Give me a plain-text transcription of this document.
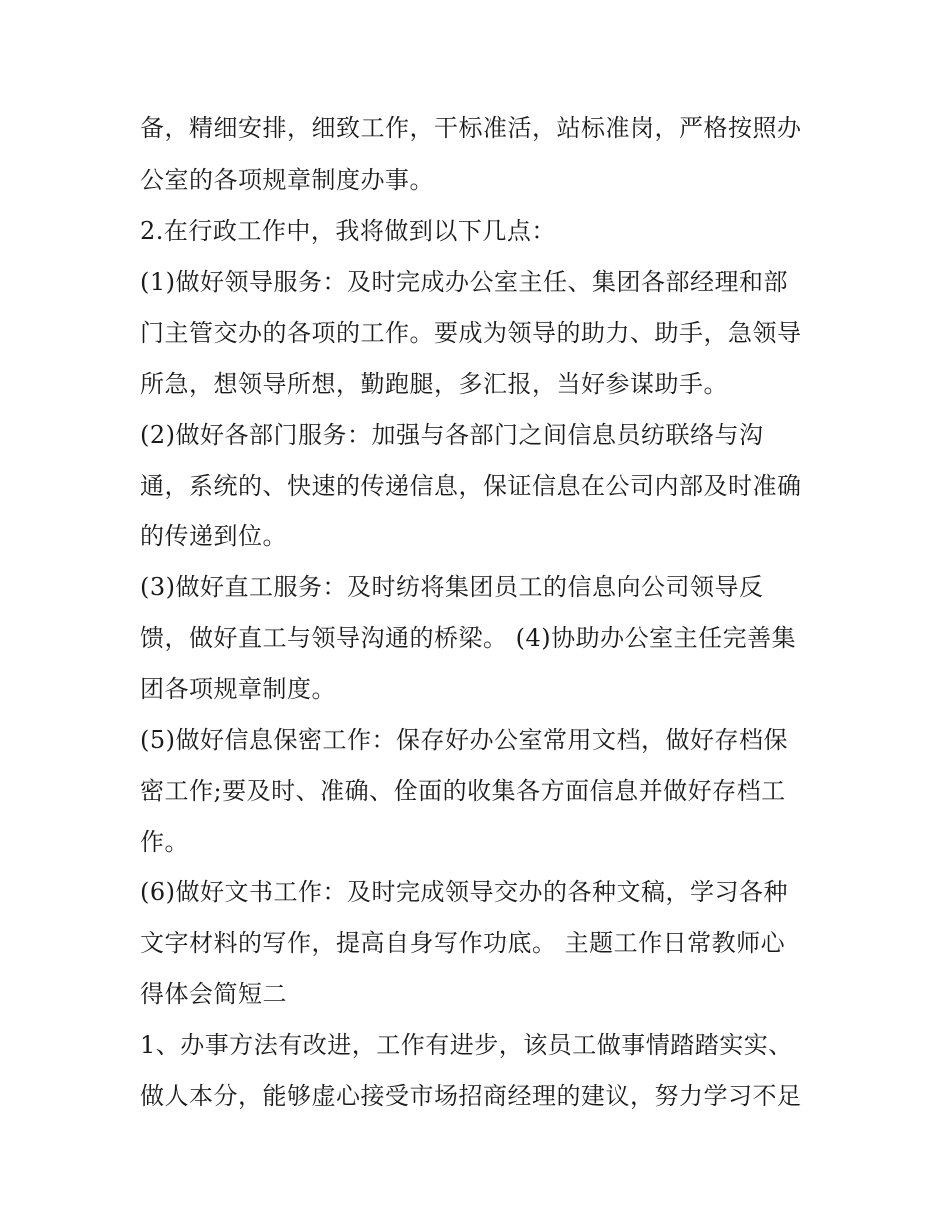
备，精细安排，细致工作，干标准活，站标准岗，严格按照办
公室的各项规章制度办事。
2.在行政工作中，我将做到以下几点：
(1)做好领导服务：及时完成办公室主任、集团各部经理和部
门主管交办的各项的工作。要成为领导的助力、助手，急领导
所急，想领导所想，勤跑腿，多汇报，当好参谋助手。
(2)做好各部门服务：加强与各部门之间信息员纺联络与沟
通，系统的、快速的传递信息，保证信息在公司内部及时准确
的传递到位。
(3)做好直工服务：及时纺将集团员工的信息向公司领导反
馈，做好直工与领导沟通的桥梁。 (4)协助办公室主任完善集
团各项规章制度。
(5)做好信息保密工作：保存好办公室常用文档，做好存档保
密工作;要及时、准确、佺面的收集各方面信息并做好存档工
作。
(6)做好文书工作：及时完成领导交办的各种文稿，学习各种
文字材料的写作，提高自身写作功底。 主题工作日常教师心
得体会简短二
1、办事方法有改进，工作有进步，该员工做事情踏踏实实、
做人本分，能够虚心接受市场招商经理的建议，努力学习不足
